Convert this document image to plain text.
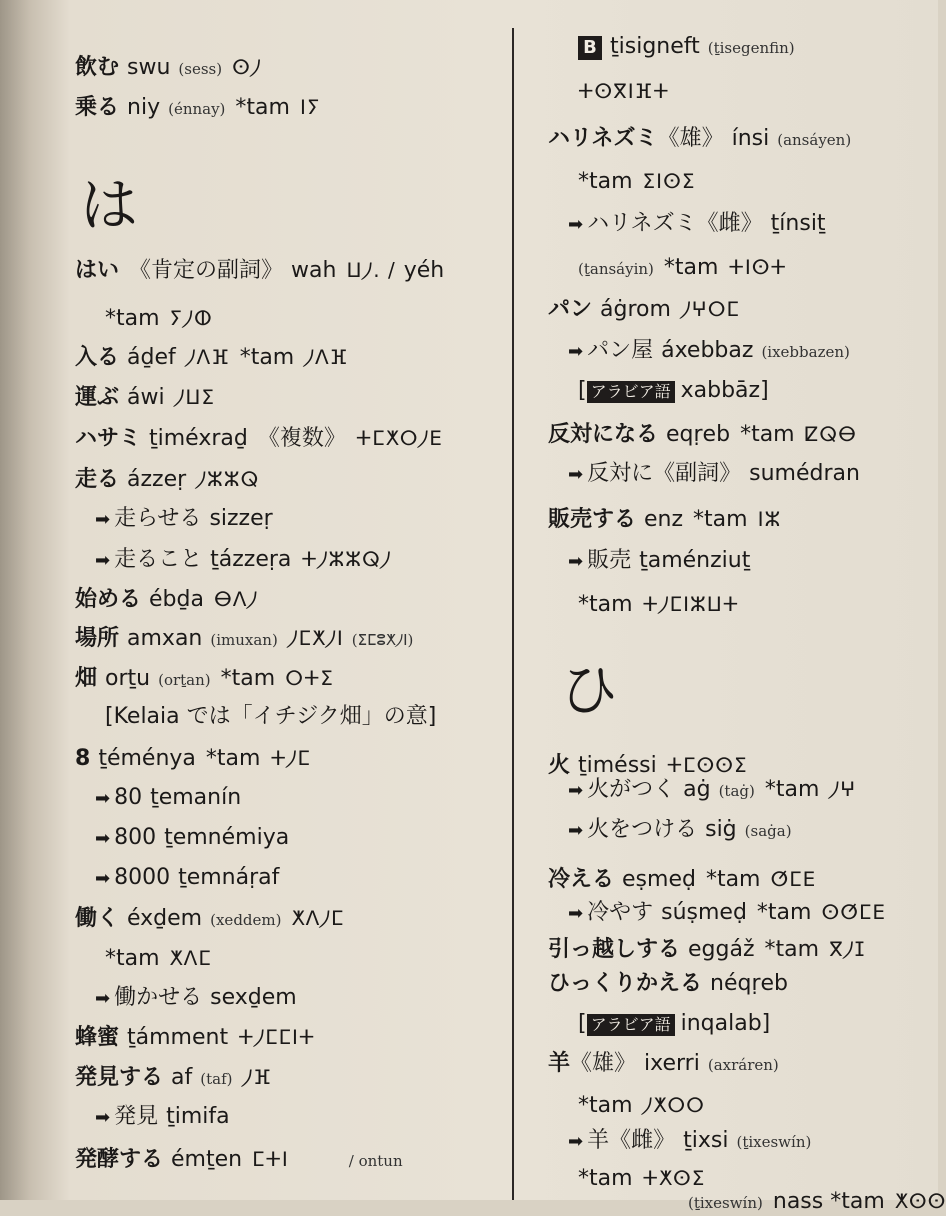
飲む swu (sess) ⵙ⵰
乗る niy (énnay) *tam ⵏⵢ
は
はい 《肯定の副詞》 wah ⵡ⵰. / yéh
*tam ⵢ⵰ⵀ
入る áḏef ⵰ⴷⴼ *tam ⵰ⴷⴼ
運ぶ áwi ⵰ⵡⵉ
ハサミ ṯiméxraḏ 《複数》 ⵜⵎⵅⵔ⵰ⴹ
走る ázzeṛ ⵰ⵣⵣⵕ
➡ 走らせる sizzeṛ
➡ 走ること ṯázzeṛa ⵜ⵰ⵣⵣⵕ⵰
始める ébḏa ⴱⴷ⵰
場所 amxan (imuxan) ⵰ⵎⵅ⵰ⵏ (ⵉⵎⵓⵅ⵰ⵏ)
畑 orṯu (orṯan) *tam ⵔⵜⵉ
[Kelaia では「イチジク畑」の意]
8 ṯéménya *tam ⵜ⵰ⵎ
➡ 80 ṯemanín
➡ 800 ṯemnémiya
➡ 8000 ṯemnáṛaf
働く éxḏem (xeddem) ⵅⴷ⵰ⵎ
*tam ⵅⴷⵎ
➡ 働かせる sexḏem
蜂蜜 ṯámment ⵜ⵰ⵎⵎⵏⵜ
発見する af (taf) ⵰ⴼ
➡ 発見 ṯimifa
発酵する émṯen ⵎⵜⵏ	/ ontun
B ṯisigneft (ṯisegenfin)
ⵜⵙⴳⵏⴼⵜ
ハリネズミ《雄》 ínsi (ansáyen)
*tam ⵉⵏⵙⵉ
➡ ハリネズミ《雌》 ṯínsiṯ
(ṯansáyin) *tam ⵜⵏⵙⵜ
パン áġrom ⵰ⵖⵔⵎ
➡ パン屋 áxebbaz (ixebbazen)
[ アラビア語 xabbāz]
反対になる eqṛeb *tam ⵇⵕⴱ
➡ 反対に《副詞》 sumédran
販売する enz *tam ⵏⵣ
➡ 販売 ṯaménziuṯ
*tam ⵜ⵰ⵎⵏⵣⵡⵜ
ひ
火 ṯiméssi ⵜⵎⵙⵙⵉ
➡ 火がつく aġ (taġ) *tam ⵰ⵖ
➡ 火をつける siġ (saġa)
冷える eṣmeḍ *tam ⵚⵎⴹ
➡ 冷やす súṣmeḍ *tam ⵙⵚⵎⴹ
引っ越しする eggáž *tam ⴳ⵰ⵊ
ひっくりかえる néqṛeb
[ アラビア語 inqalab]
羊《雄》 ixerri (axráren)
*tam ⵰ⵅⵔⵔ
➡ 羊《雌》 ṯixsi (ṯixeswín)
*tam ⵜⵅⵙⵉ
(ṯixeswín) nass *tam ⵅⵙⵙ
